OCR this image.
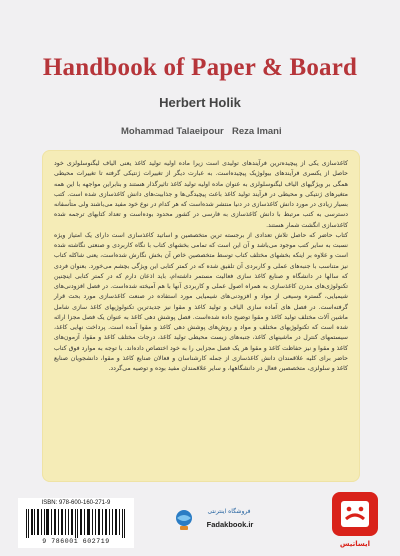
Handbook of Paper & Board
Herbert Holik
Mohammad Talaeipour Reza Imani

کاغذسازی یکی از پیچیده‌ترین فرآیندهای تولیدی است زیرا ماده اولیه تولید کاغذ یعنی الیاف لیگنوسلولزی خود حاصل از یکسری فرآیندهای بیولوژیک پیچیده‌است. به عبارت دیگر از تغییرات ژنتیکی گرفته تا تغییرات محیطی همگی بر ویژگیهای الیاف لیگنوسلولزی به عنوان ماده اولیه تولید کاغذ تاثیرگذار هستند و بنابراین مواجهه با این همه متغیرهای ژنتیکی و محیطی در فرآیند تولید کاغذ باعث پیچیدگی‌ها و جذابیت‌های دانش کاغذسازی شده است. کتب بسیار زیادی در مورد دانش کاغذسازی در دنیا منتشر شده‌است که هر کدام در نوع خود مفید می‌باشند ولی متأسفانه دسترسی به کتب مرتبط با دانش کاغذسازی به فارسی در کشور محدود بوده‌است و تعداد کتابهای ترجمه شده کاغذسازی انگشت شمار هستند.

کتاب حاضر که حاصل تلاش تعدادی از برجسته ترین متخصصین و اساتید کاغذسازی است دارای یک امتیاز ویژه نسبت به سایر کتب موجود می‌باشد و آن این است که تمامی بخشهای کتاب با نگاه کاربردی و صنعتی نگاشته شده است و علاوه بر اینکه بخشهای مختلف کتاب توسط متخصصین خاص آن بخش نگارش شده‌است، یعنی شاکله کتاب نیز متناسب با جنبه‌های عملی و کاربردی آن تلفیق شده که در کمتر کتابی این ویژگی بچشم می‌خورد. بعنوان فردی که سالها در دانشگاه و صنایع کاغذ سازی فعالیت مستمر داشته‌ام، باید اذعان دارم که در کمتر کتابی اینچنین تکنولوژی‌های مدرن کاغذسازی به همراه اصول عملی و کاربردی آنها با هم آمیخته شده‌است. در فصل افزودنی‌های شیمیایی، گستره وسیعی از مواد و افزودنی‌های شیمیایی مورد استفاده در صنعت کاغذسازی مورد بحث قرار گرفته‌است. در فصل های آماده سازی الیاف و تولید کاغذ و مقوا نیز جدیدترین تکنولوژیهای کاغذ سازی شامل ماشین آلات مختلف تولید کاغذ و مقوا توضیح داده شده‌است. فصل پوشش دهی کاغذ به عنوان یک فصل مجزا ارائه شده است که تکنولوژیهای مختلف و مواد و روش‌های پوشش دهی کاغذ و مقوا آمده است. پرداخت نهایی کاغذ، سیستمهای کنترل در ماشینهای کاغذ، جنبه‌های زیست محیطی تولید کاغذ، درجات مختلف کاغذ و مقوا، آزمون‌های کاغذ و مقوا و نیز حفاظت کاغذ و مقوا هر یک فصل مجزایی را به خود اختصاص داده‌اند. با توجه به موارد فوق کتاب حاضر برای کلیه علاقمندان دانش کاغذسازی از جمله کارشناسان و فعالان صنایع کاغذ و مقوا، دانشجویان صنایع کاغذ و سلولزی، متخصصین فعال در دانشگاهها، و سایر علاقمندان مفید بوده و توصیه می‌گردد.

ISBN: 978-600-160-271-9
9 786001 602719
فروشگاه اینترنتی
Fadakbook.ir
ایساتیس
